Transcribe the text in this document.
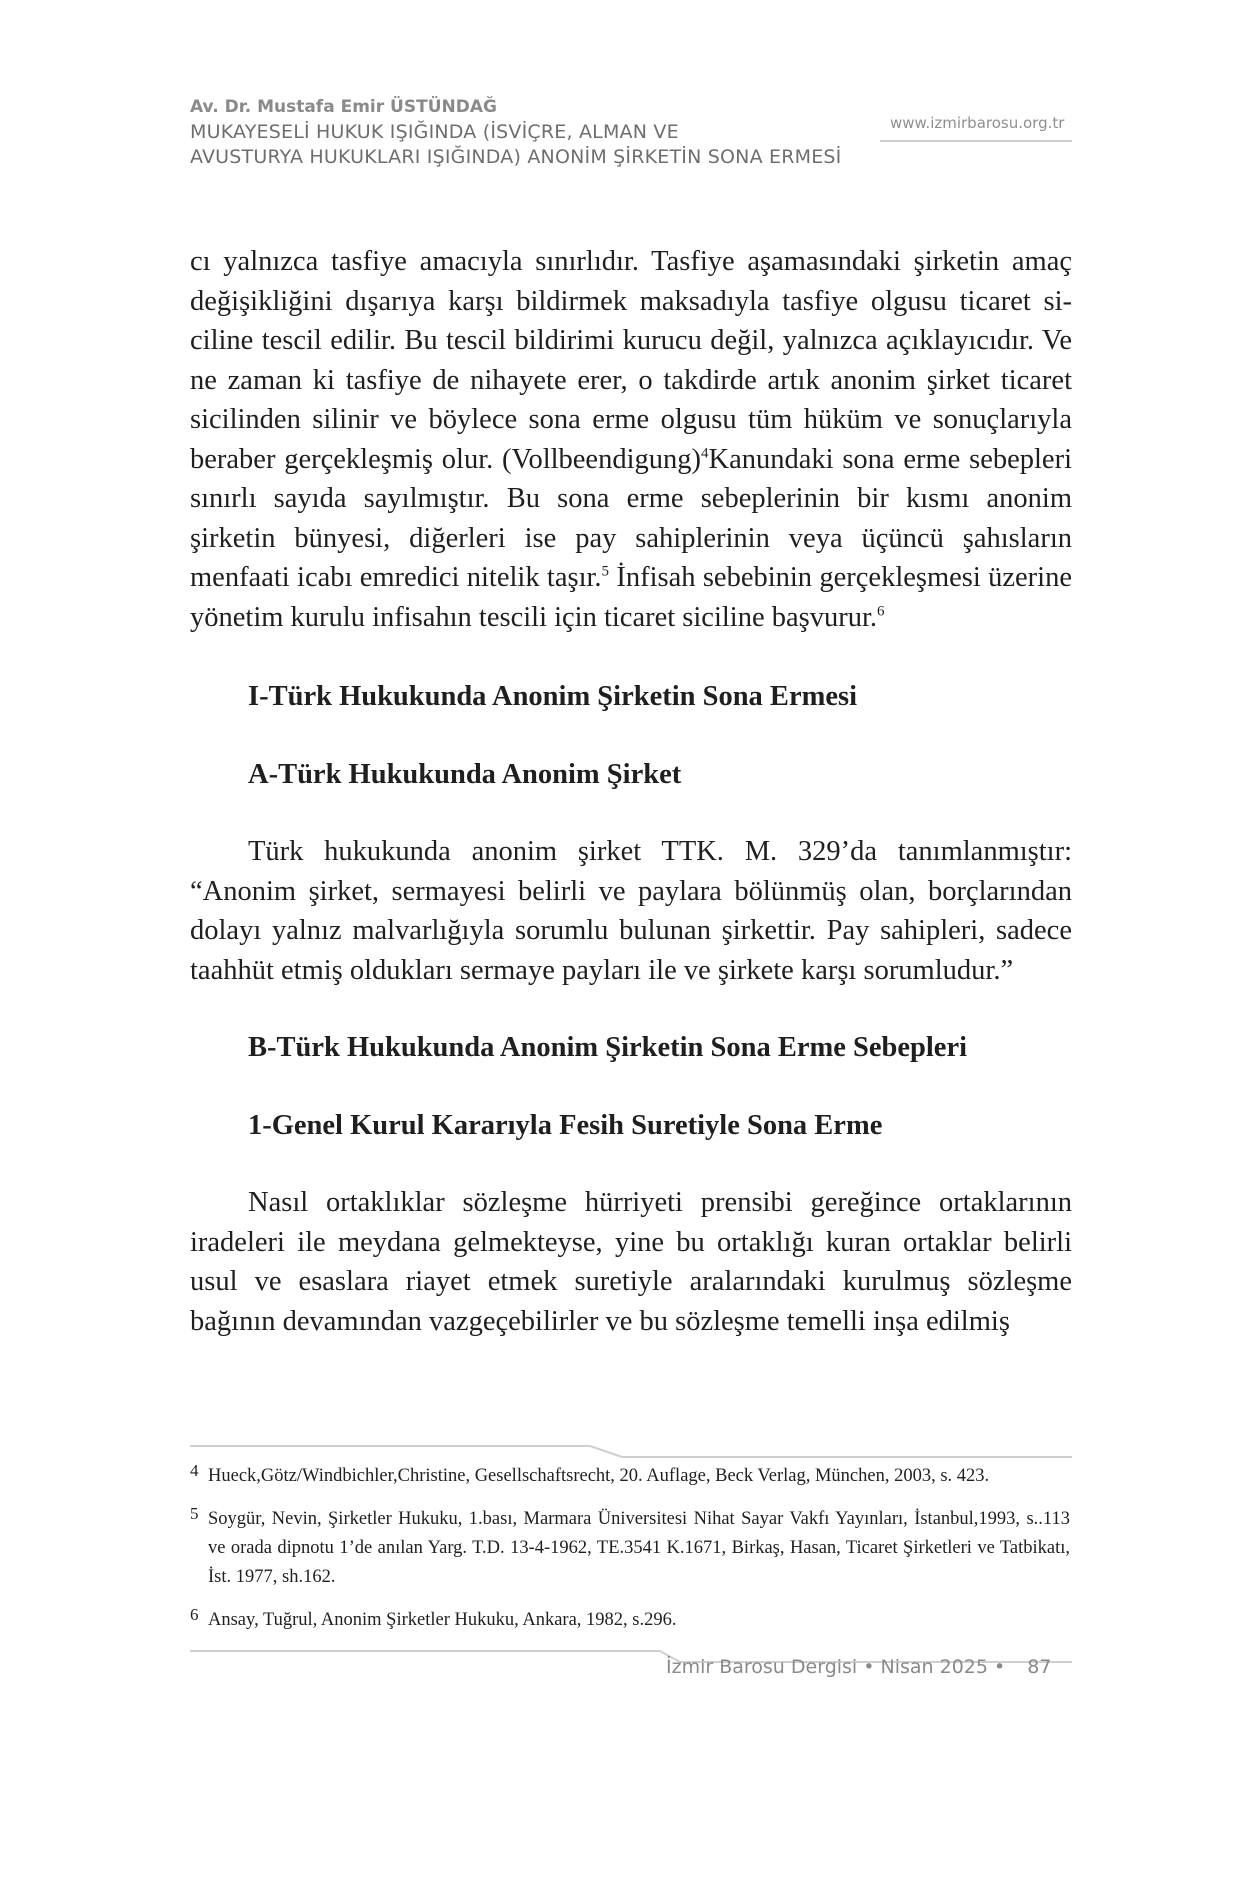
Av. Dr. Mustafa Emir ÜSTÜNDAĞ

MUKAYESELİ HUKUK IŞIĞINDA (İSVİÇRE, ALMAN VE
AVUSTURYA HUKUKLARI IŞIĞINDA) ANONİM ŞİRKETİN SONA ERMESİ

www.izmirbarosu.org.tr

cı yalnızca tasfiye amacıyla sınırlıdır. Tasfiye aşamasındaki şirketin amaç değişikliğini dışarıya karşı bildirmek maksadıyla tasfiye olgusu ticaret siciline tescil edilir. Bu tescil bildirimi kurucu değil, yalnızca açıklayıcıdır. Ve ne zaman ki tasfiye de nihayete erer, o takdirde artık anonim şirket ticaret sicilinden silinir ve böylece sona erme olgusu tüm hüküm ve sonuçlarıyla beraber gerçekleşmiş olur. (Vollbeendigung)$^4$Kanundaki sona erme sebepleri sınırlı sayıda sayılmıştır. Bu sona erme sebeplerinin bir kısmı anonim şirketin bünyesi, diğerleri ise pay sahiplerinin veya üçüncü şahısların menfaati icabı emredici nitelik taşır.$^5$ İnfisah sebebinin gerçekleşmesi üzerine yönetim kurulu infisahın tescili için ticaret siciline başvurur.$^6$

I-Türk Hukukunda Anonim Şirketin Sona Ermesi

A-Türk Hukukunda Anonim Şirket

Türk hukukunda anonim şirket TTK. M. 329’da tanımlanmıştır: “Anonim şirket, sermayesi belirli ve paylara bölünmüş olan, borçlarından dolayı yalnız malvarlığıyla sorumlu bulunan şirkettir. Pay sahipleri, sadece taahhüt etmiş oldukları sermaye payları ile ve şirkete karşı sorumludur.”

B-Türk Hukukunda Anonim Şirketin Sona Erme Sebepleri

1-Genel Kurul Kararıyla Fesih Suretiyle Sona Erme

Nasıl ortaklıklar sözleşme hürriyeti prensibi gereğince ortaklarının iradeleri ile meydana gelmekteyse, yine bu ortaklığı kuran ortaklar belirli usul ve esaslara riayet etmek suretiyle aralarındaki kurulmuş sözleşme bağının devamından vazgeçebilirler ve bu sözleşme temelli inşa edilmiş

4 Hueck,Götz/Windbichler,Christine, Gesellschaftsrecht, 20. Auflage, Beck Verlag, München, 2003, s. 423.

5 Soygür, Nevin, Şirketler Hukuku, 1.bası, Marmara Üniversitesi Nihat Sayar Vakfı Yayınları, İstanbul,1993, s..113 ve orada dipnotu 1’de anılan Yarg. T.D. 13-4-1962, TE.3541 K.1671, Birkaş, Hasan, Ticaret Şirketleri ve Tatbikatı, İst. 1977, sh.162.

6 Ansay, Tuğrul, Anonim Şirketler Hukuku, Ankara, 1982, s.296.

İzmir Barosu Dergisi • Nisan 2025 • 87
